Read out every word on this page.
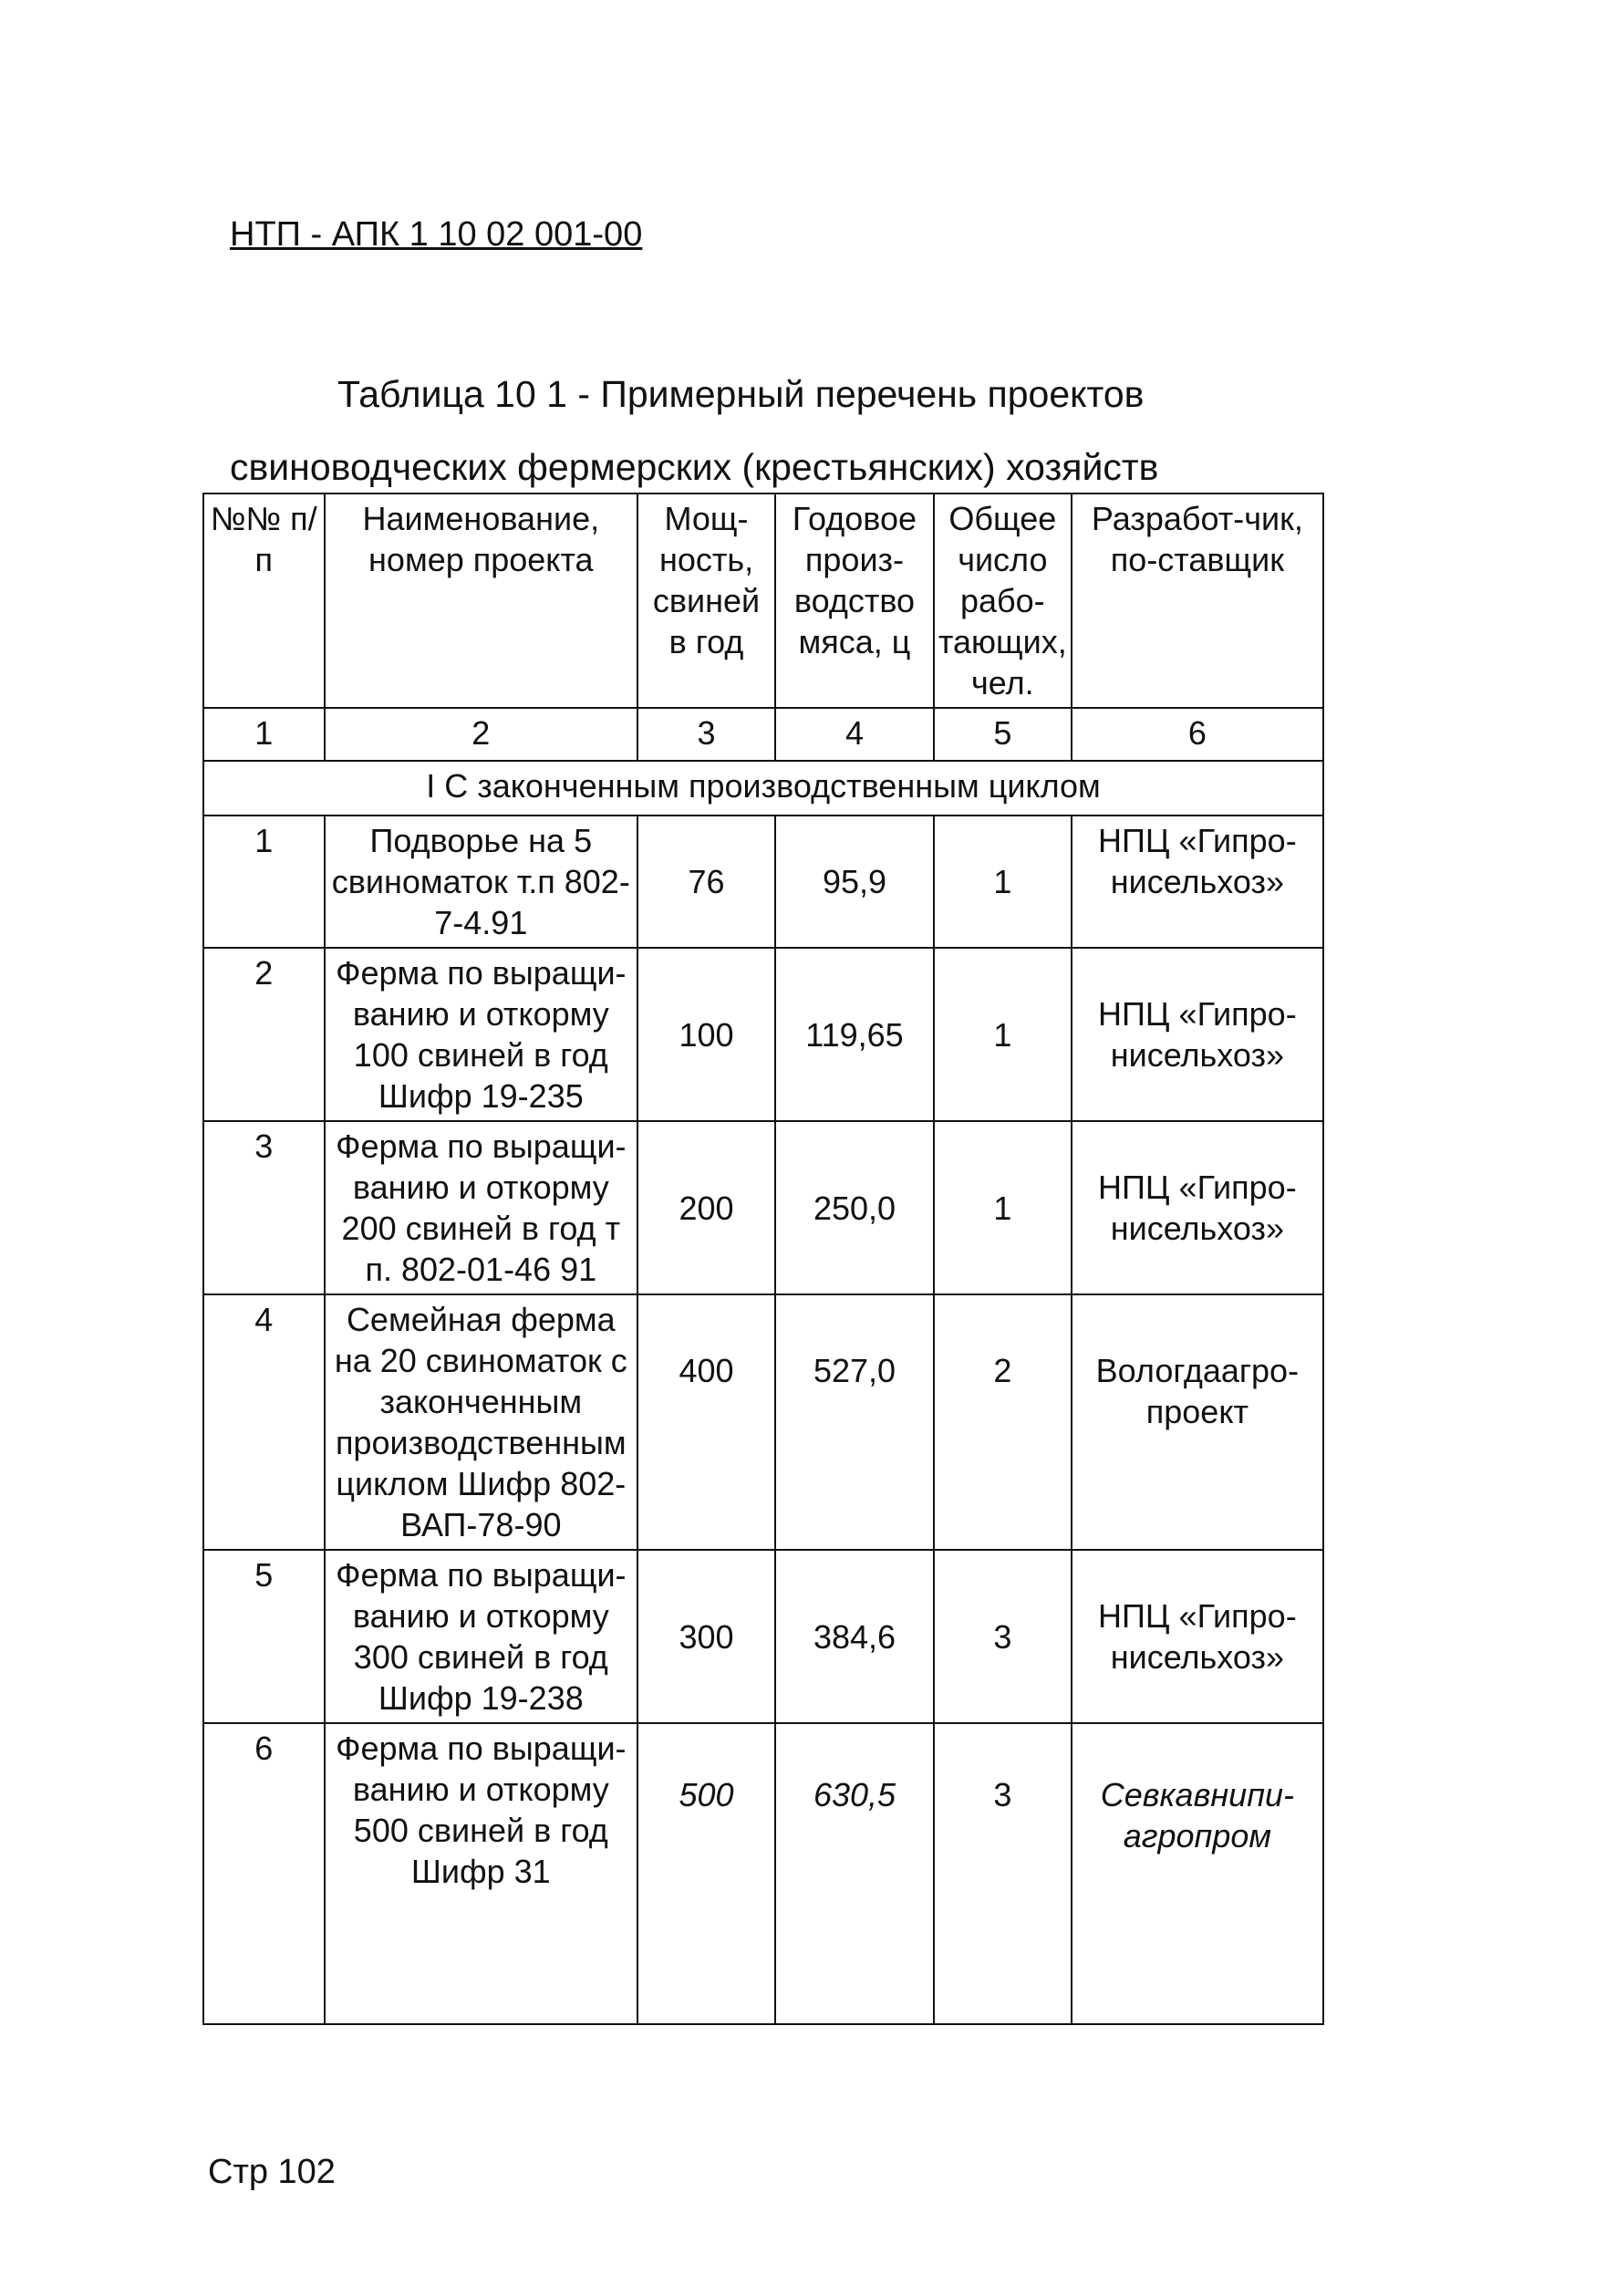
НТП - АПК 1 10 02 001-00
Таблица 10 1 - Примерный перечень проектов
свиноводческих фермерских (крестьянских) хозяйств
№№ п/п	Наименование, номер проекта	Мощ-ность, свиней в год	Годовое произ-водство мяса, ц	Общее число рабо-тающих, чел.	Разработ-чик, по-ставщик
1	2	3	4	5	6
I С законченным производственным циклом					
1	Подворье на 5 свиноматок т.п 802-7-4.91	76	95,9	1	НПЦ «Гипро-нисельхоз»
2	Ферма по выращи-ванию и откорму 100 свиней в год Шифр 19-235	100	119,65	1	НПЦ «Гипро-нисельхоз»
3	Ферма по выращи-ванию и откорму 200 свиней в год т п. 802-01-46 91	200	250,0	1	НПЦ «Гипро-нисельхоз»
4	Семейная ферма на 20 свиноматок с законченным производственным циклом Шифр 802-ВАП-78-90	400	527,0	2	Вологдаагро-проект
5	Ферма по выращи-ванию и откорму 300 свиней в год Шифр 19-238	300	384,6	3	НПЦ «Гипро-нисельхоз»
6	Ферма по выращи-ванию и откорму 500 свиней в год Шифр 31	500	630,5	3	Севкавнипи-агропром
Стр 102
